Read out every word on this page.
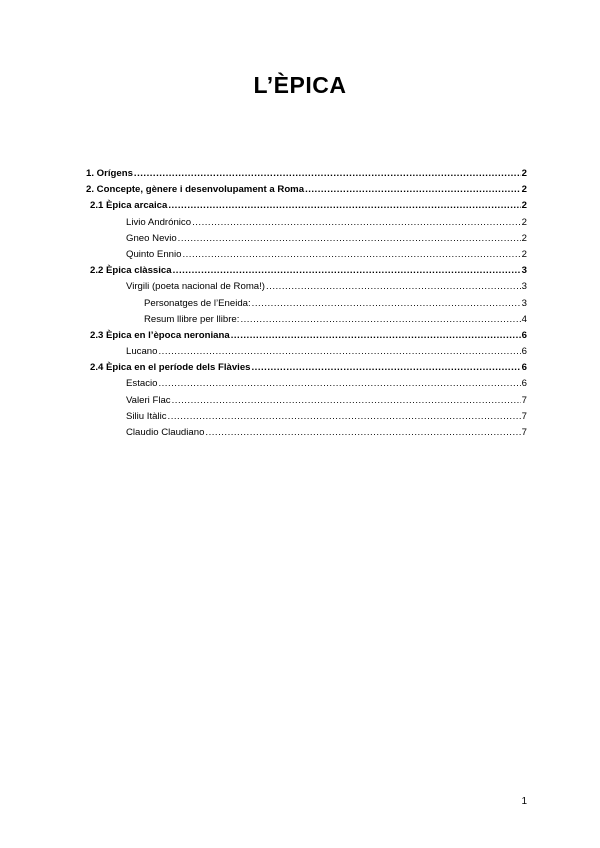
L’ÈPICA
1. Orígens .....	2
2. Concepte, gènere i desenvolupament a Roma .....	2
2.1 Èpica arcaica .....	2
Livio Andrónico .....	2
Gneo Nevio .....	2
Quinto Ennio .....	2
2.2 Èpica clàssica .....	3
Virgili (poeta nacional de Roma!) .....	3
Personatges de l’Eneida: .....	3
Resum llibre per llibre: .....	4
2.3 Èpica en l’època neroniana .....	6
Lucano .....	6
2.4 Èpica en el període dels Flàvies .....	6
Estacio .....	6
Valeri Flac .....	7
Siliu Itàlic .....	7
Claudio Claudiano .....	7
1
